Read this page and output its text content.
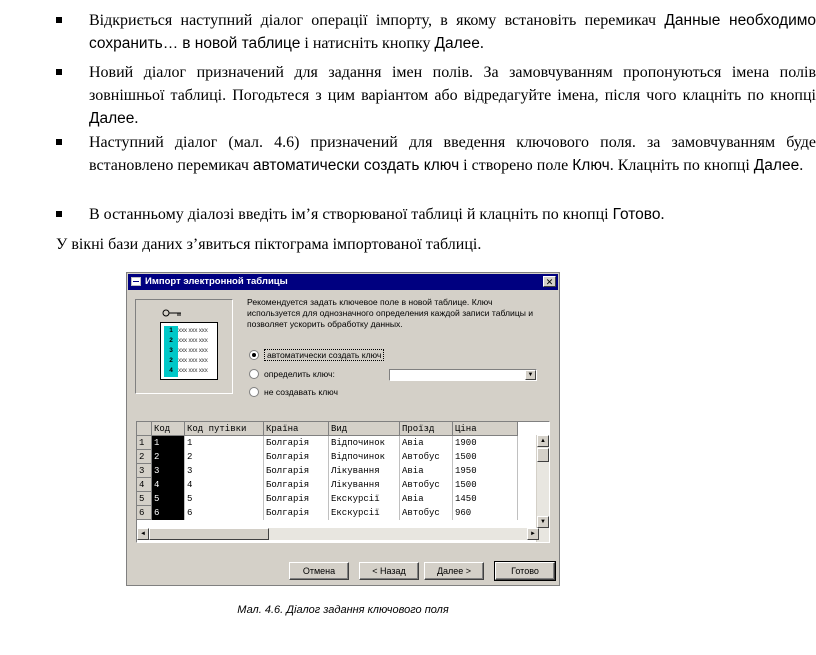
Відкриється наступний діалог операції імпорту, в якому встановіть перемикач Данные необходимо сохранить… в новой таблице і натисніть кнопку Далее.
Новий діалог призначений для задання імен полів. За замовчуванням пропонуються імена полів зовнішньої таблиці. Погодьтеся з цим варіантом або відредагуйте імена, після чого клацніть по кнопці Далее.
Наступний діалог (мал. 4.6) призначений для введення ключового поля. за замовчуванням буде встановлено перемикач автоматически создать ключ і створено поле Ключ. Клацніть по кнопці Далее.
В останньому діалозі введіть ім’я створюваної таблиці й клацніть по кнопці Готово.
У вікні бази даних з’явиться піктограма імпортованої таблиці.
Импорт электронной таблицы	✕
1 xxx xxx xxx
2 xxx xxx xxx
3 xxx xxx xxx
2 xxx xxx xxx
4 xxx xxx xxx
Рекомендуется задать ключевое поле в новой таблице. Ключ используется для однозначного определения каждой записи таблицы и позволяет ускорить обработку данных.
автоматически создать ключ
определить ключ:	▼
не создавать ключ
	Код	Код путівки	Країна	Вид	Проїзд	Ціна
1	1	1	Болгарія	Відпочинок	Авіа	1900
2	2	2	Болгарія	Відпочинок	Автобус	1500
3	3	3	Болгарія	Лікування	Авіа	1950
4	4	4	Болгарія	Лікування	Автобус	1500
5	5	5	Болгарія	Екскурсії	Авіа	1450
6	6	6	Болгарія	Екскурсії	Автобус	960
▲
▼
◄	►
Отмена	< Назад	Далее >	Готово
Мал. 4.6. Діалог задання ключового поля
